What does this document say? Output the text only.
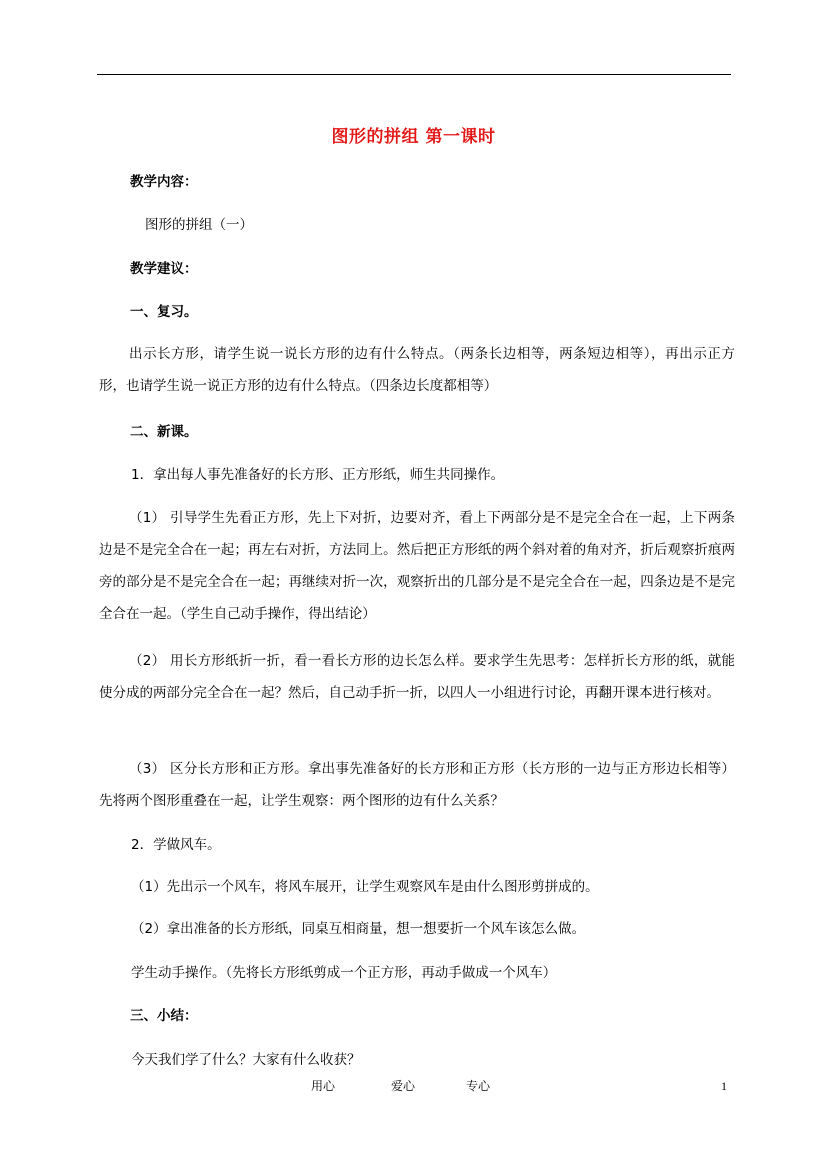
图形的拼组 第一课时
教学内容：
图形的拼组（一）
教学建议：
一、复习。
出示长方形，请学生说一说长方形的边有什么特点。（两条长边相等，两条短边相等），再出示正方形，也请学生说一说正方形的边有什么特点。（四条边长度都相等）
二、新课。
1．拿出每人事先准备好的长方形、正方形纸，师生共同操作。
（1） 引导学生先看正方形，先上下对折，边要对齐，看上下两部分是不是完全合在一起，上下两条边是不是完全合在一起；再左右对折，方法同上。然后把正方形纸的两个斜对着的角对齐，折后观察折痕两旁的部分是不是完全合在一起；再继续对折一次，观察折出的几部分是不是完全合在一起，四条边是不是完全合在一起。（学生自己动手操作，得出结论）
（2） 用长方形纸折一折，看一看长方形的边长怎么样。要求学生先思考：怎样折长方形的纸，就能使分成的两部分完全合在一起？然后，自己动手折一折，以四人一小组进行讨论，再翻开课本进行核对。
（3） 区分长方形和正方形。拿出事先准备好的长方形和正方形（长方形的一边与正方形边长相等）先将两个图形重叠在一起，让学生观察：两个图形的边有什么关系？
2．学做风车。
（1）先出示一个风车，将风车展开，让学生观察风车是由什么图形剪拼成的。
（2）拿出准备的长方形纸，同桌互相商量，想一想要折一个风车该怎么做。
学生动手操作。（先将长方形纸剪成一个正方形，再动手做成一个风车）
三、小结：
今天我们学了什么？大家有什么收获？
用心	爱心	专心	1
